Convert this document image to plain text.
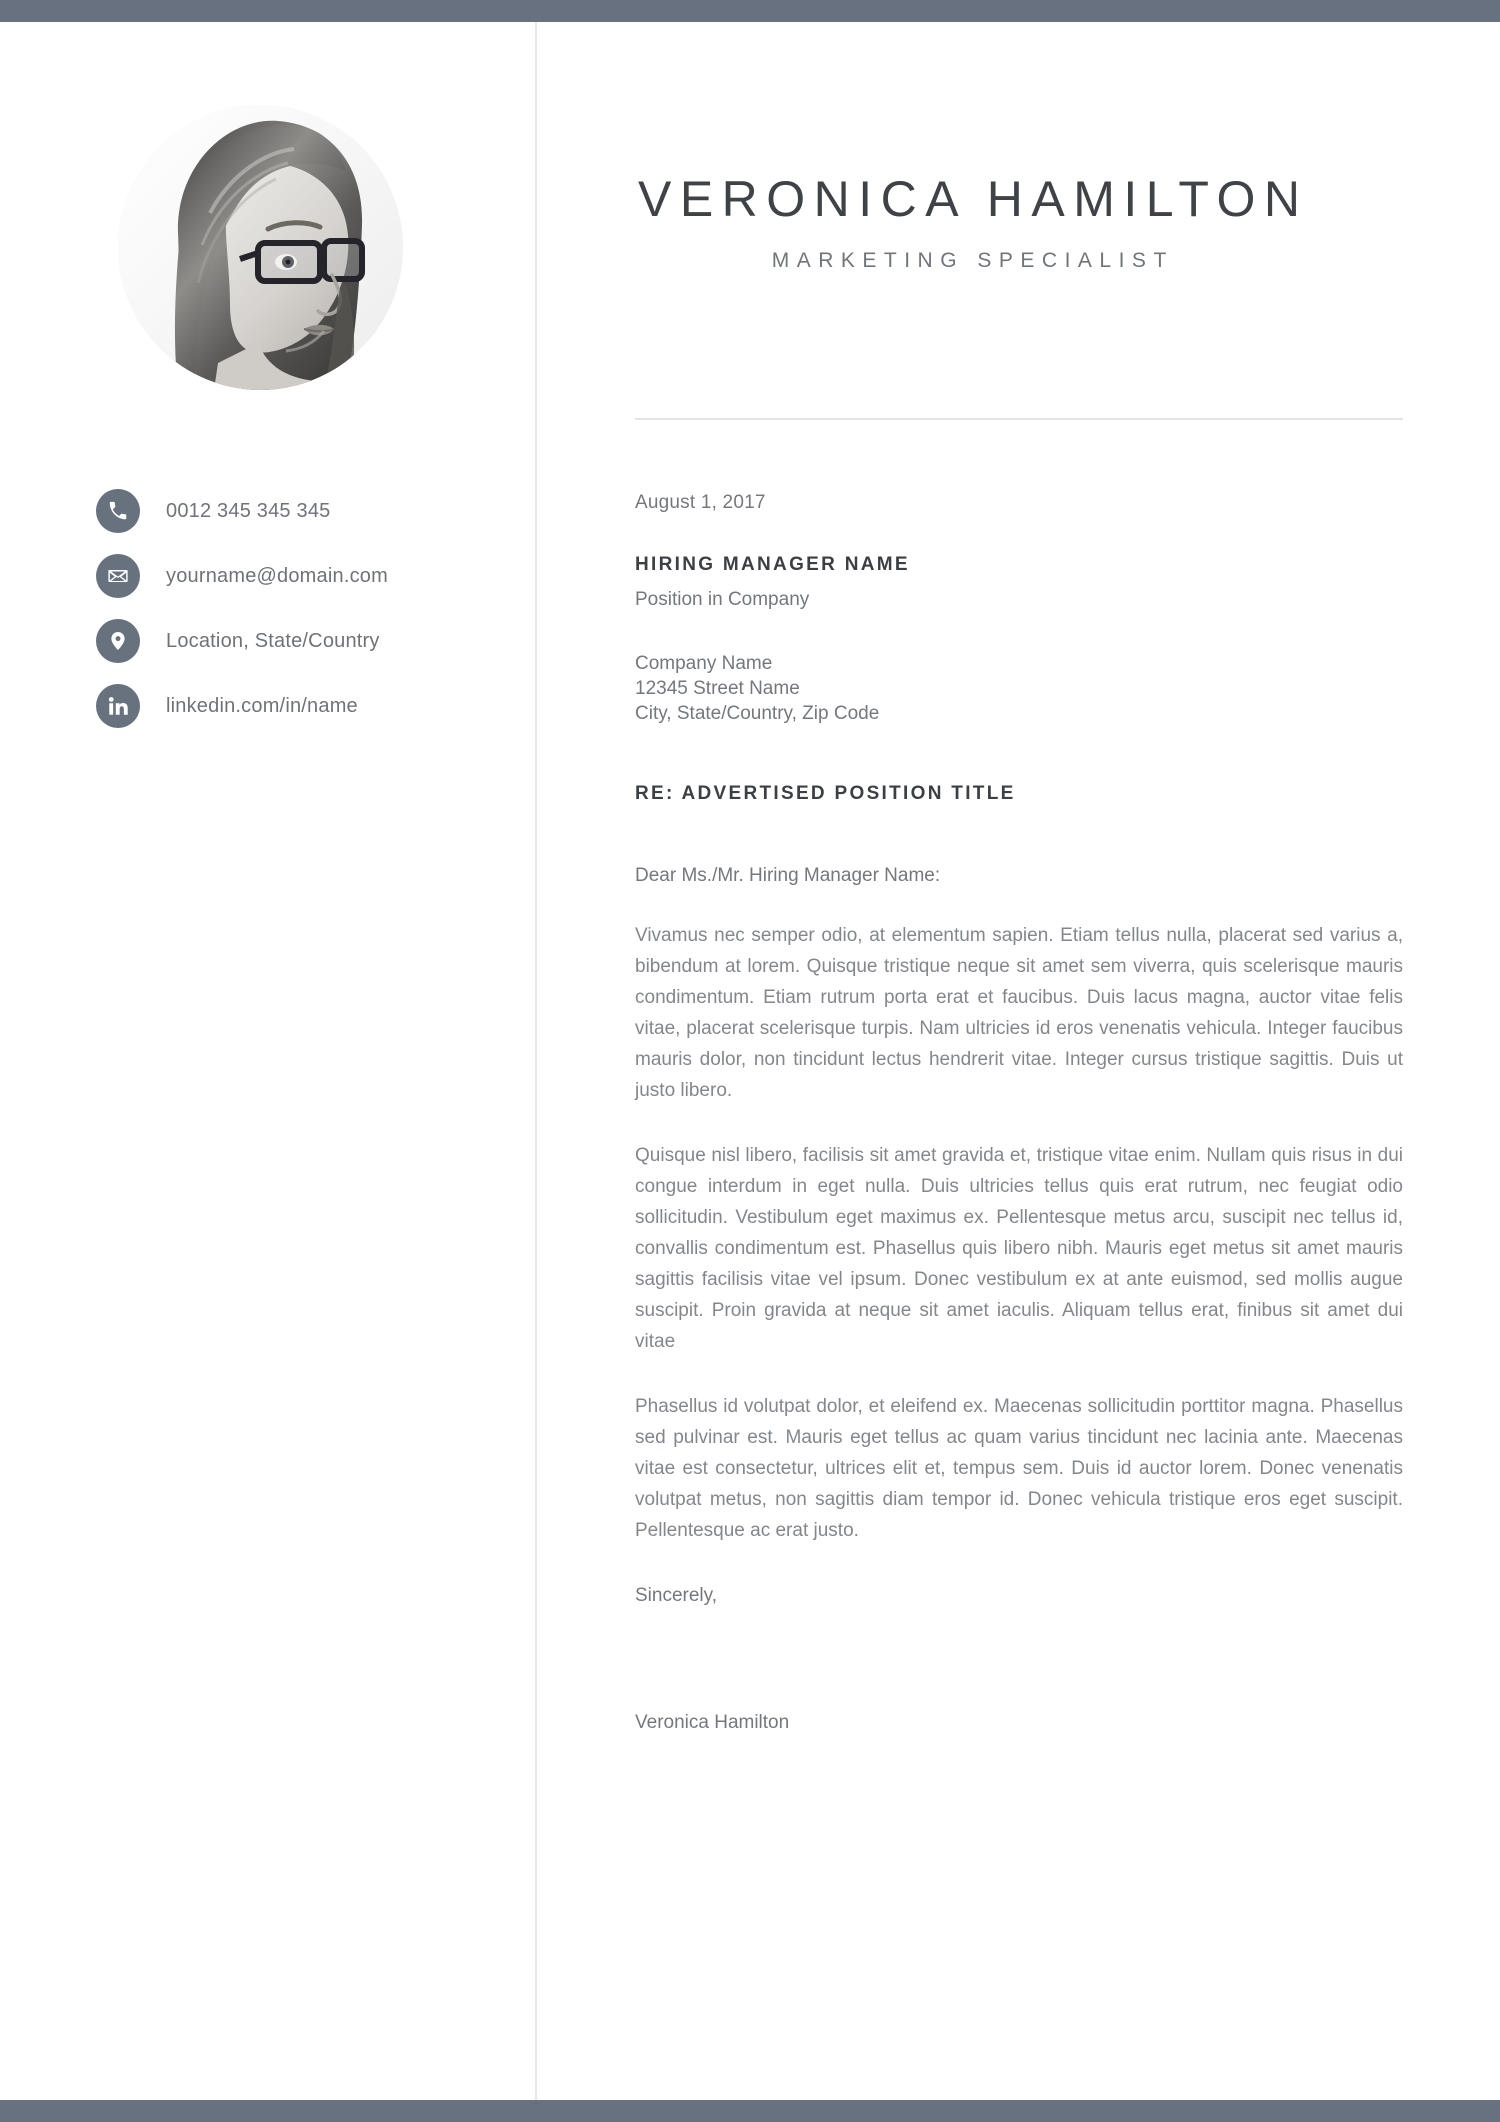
0012 345 345 345
yourname@domain.com
Location, State/Country
linkedin.com/in/name
VERONICA HAMILTON
MARKETING SPECIALIST
August 1, 2017
HIRING MANAGER NAME
Position in Company
Company Name
12345 Street Name
City, State/Country, Zip Code
RE: ADVERTISED POSITION TITLE
Dear Ms./Mr. Hiring Manager Name:

Vivamus nec semper odio, at elementum sapien. Etiam tellus nulla, placerat sed varius a, bibendum at lorem. Quisque tristique neque sit amet sem viverra, quis scelerisque mauris condimentum. Etiam rutrum porta erat et faucibus. Duis lacus magna, auctor vitae felis vitae, placerat scelerisque turpis. Nam ultricies id eros venenatis vehicula. Integer faucibus mauris dolor, non tincidunt lectus hendrerit vitae. Integer cursus tristique sagittis. Duis ut justo libero.

Quisque nisl libero, facilisis sit amet gravida et, tristique vitae enim. Nullam quis risus in dui congue interdum in eget nulla. Duis ultricies tellus quis erat rutrum, nec feugiat odio sollicitudin. Vestibulum eget maximus ex. Pellentesque metus arcu, suscipit nec tellus id, convallis condimentum est. Phasellus quis libero nibh. Mauris eget metus sit amet mauris sagittis facilisis vitae vel ipsum. Donec vestibulum ex at ante euismod, sed mollis augue suscipit. Proin gravida at neque sit amet iaculis. Aliquam tellus erat, finibus sit amet dui vitae

Phasellus id volutpat dolor, et eleifend ex. Maecenas sollicitudin porttitor magna. Phasellus sed pulvinar est. Mauris eget tellus ac quam varius tincidunt nec lacinia ante. Maecenas vitae est consectetur, ultrices elit et, tempus sem. Duis id auctor lorem. Donec venenatis volutpat metus, non sagittis diam tempor id. Donec vehicula tristique eros eget suscipit. Pellentesque ac erat justo.

Sincerely,
Veronica Hamilton
